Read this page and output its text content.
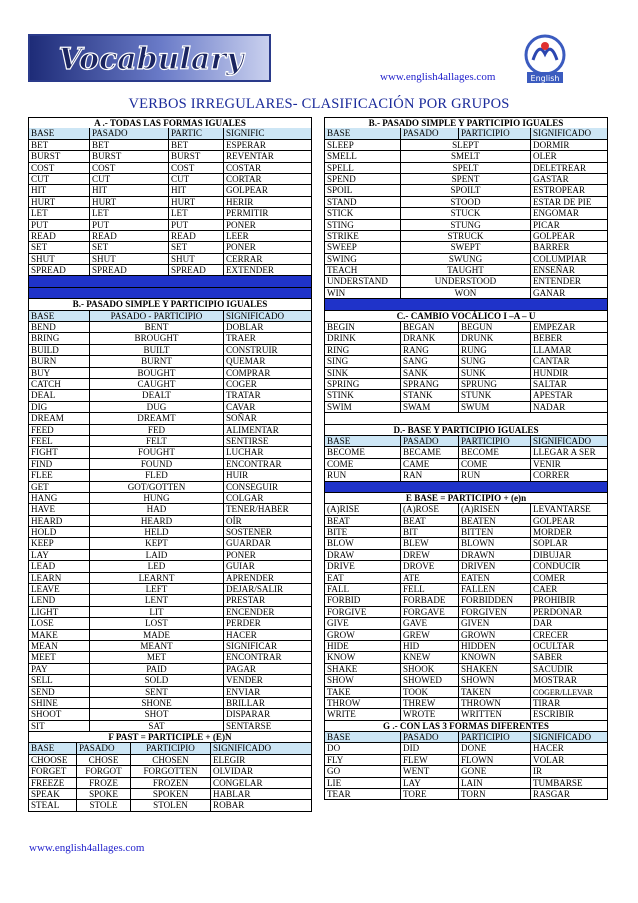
Vocabulary	www.english4allages.com	English
VERBOS IRREGULARES- CLASIFICACIÓN POR GRUPOS
A .- TODAS LAS FORMAS IGUALES
BASE	PASADO	PARTIC	SIGNIFIC
BET	BET	BET	ESPERAR
BURST	BURST	BURST	REVENTAR
COST	COST	COST	COSTAR
CUT	CUT	CUT	CORTAR
HIT	HIT	HIT	GOLPEAR
HURT	HURT	HURT	HERIR
LET	LET	LET	PERMITIR
PUT	PUT	PUT	PONER
READ	READ	READ	LEER
SET	SET	SET	PONER
SHUT	SHUT	SHUT	CERRAR
SPREAD	SPREAD	SPREAD	EXTENDER
B.- PASADO SIMPLE Y PARTICIPIO IGUALES
BASE	PASADO - PARTICIPIO	SIGNIFICADO
BEND	BENT	DOBLAR
BRING	BROUGHT	TRAER
BUILD	BUILT	CONSTRUIR
BURN	BURNT	QUEMAR
BUY	BOUGHT	COMPRAR
CATCH	CAUGHT	COGER
DEAL	DEALT	TRATAR
DIG	DUG	CAVAR
DREAM	DREAMT	SOÑAR
FEED	FED	ALIMENTAR
FEEL	FELT	SENTIRSE
FIGHT	FOUGHT	LUCHAR
FIND	FOUND	ENCONTRAR
FLEE	FLED	HUIR
GET	GOT/GOTTEN	CONSEGUIR
HANG	HUNG	COLGAR
HAVE	HAD	TENER/HABER
HEARD	HEARD	OÍR
HOLD	HELD	SOSTENER
KEEP	KEPT	GUARDAR
LAY	LAID	PONER
LEAD	LED	GUIAR
LEARN	LEARNT	APRENDER
LEAVE	LEFT	DEJAR/SALIR
LEND	LENT	PRESTAR
LIGHT	LIT	ENCENDER
LOSE	LOST	PERDER
MAKE	MADE	HACER
MEAN	MEANT	SIGNIFICAR
MEET	MET	ENCONTRAR
PAY	PAID	PAGAR
SELL	SOLD	VENDER
SEND	SENT	ENVIAR
SHINE	SHONE	BRILLAR
SHOOT	SHOT	DISPARAR
SIT	SAT	SENTARSE
F PAST = PARTICIPLE + (E)N
BASE	PASADO	PARTICIPIO	SIGNIFICADO
CHOOSE	CHOSE	CHOSEN	ELEGIR
FORGET	FORGOT	FORGOTTEN	OLVIDAR
FREEZE	FROZE	FROZEN	CONGELAR
SPEAK	SPOKE	SPOKEN	HABLAR
STEAL	STOLE	STOLEN	ROBAR
B.- PASADO SIMPLE Y PARTICIPIO IGUALES
BASE	PASADO	PARTICIPIO	SIGNIFICADO
SLEEP	SLEPT	DORMIR
SMELL	SMELT	OLER
SPELL	SPELT	DELETREAR
SPEND	SPENT	GASTAR
SPOIL	SPOILT	ESTROPEAR
STAND	STOOD	ESTAR DE PIE
STICK	STUCK	ENGOMAR
STING	STUNG	PICAR
STRIKE	STRUCK	GOLPEAR
SWEEP	SWEPT	BARRER
SWING	SWUNG	COLUMPIAR
TEACH	TAUGHT	ENSEÑAR
UNDERSTAND	UNDERSTOOD	ENTENDER
WIN	WON	GANAR
C.- CAMBIO VOCÁLICO I –A – U
BEGIN	BEGAN	BEGUN	EMPEZAR
DRINK	DRANK	DRUNK	BEBER
RING	RANG	RUNG	LLAMAR
SING	SANG	SUNG	CANTAR
SINK	SANK	SUNK	HUNDIR
SPRING	SPRANG	SPRUNG	SALTAR
STINK	STANK	STUNK	APESTAR
SWIM	SWAM	SWUM	NADAR
D.- BASE Y PARTICIPIO IGUALES
BASE	PASADO	PARTICIPIO	SIGNIFICADO
BECOME	BECAME	BECOME	LLEGAR A SER
COME	CAME	COME	VENIR
RUN	RAN	RUN	CORRER
E BASE = PARTICIPIO + (e)n
(A)RISE	(A)ROSE	(A)RISEN	LEVANTARSE
BEAT	BEAT	BEATEN	GOLPEAR
BITE	BIT	BITTEN	MORDER
BLOW	BLEW	BLOWN	SOPLAR
DRAW	DREW	DRAWN	DIBUJAR
DRIVE	DROVE	DRIVEN	CONDUCIR
EAT	ATE	EATEN	COMER
FALL	FELL	FALLEN	CAER
FORBID	FORBADE	FORBIDDEN	PROHIBIR
FORGIVE	FORGAVE	FORGIVEN	PERDONAR
GIVE	GAVE	GIVEN	DAR
GROW	GREW	GROWN	CRECER
HIDE	HID	HIDDEN	OCULTAR
KNOW	KNEW	KNOWN	SABER
SHAKE	SHOOK	SHAKEN	SACUDIR
SHOW	SHOWED	SHOWN	MOSTRAR
TAKE	TOOK	TAKEN	COGER/LLEVAR
THROW	THREW	THROWN	TIRAR
WRITE	WROTE	WRITTEN	ESCRIBIR
G .- CON LAS 3 FORMAS DIFERENTES
BASE	PASADO	PARTICIPIO	SIGNIFICADO
DO	DID	DONE	HACER
FLY	FLEW	FLOWN	VOLAR
GO	WENT	GONE	IR
LIE	LAY	LAIN	TUMBARSE
TEAR	TORE	TORN	RASGAR
www.english4allages.com
